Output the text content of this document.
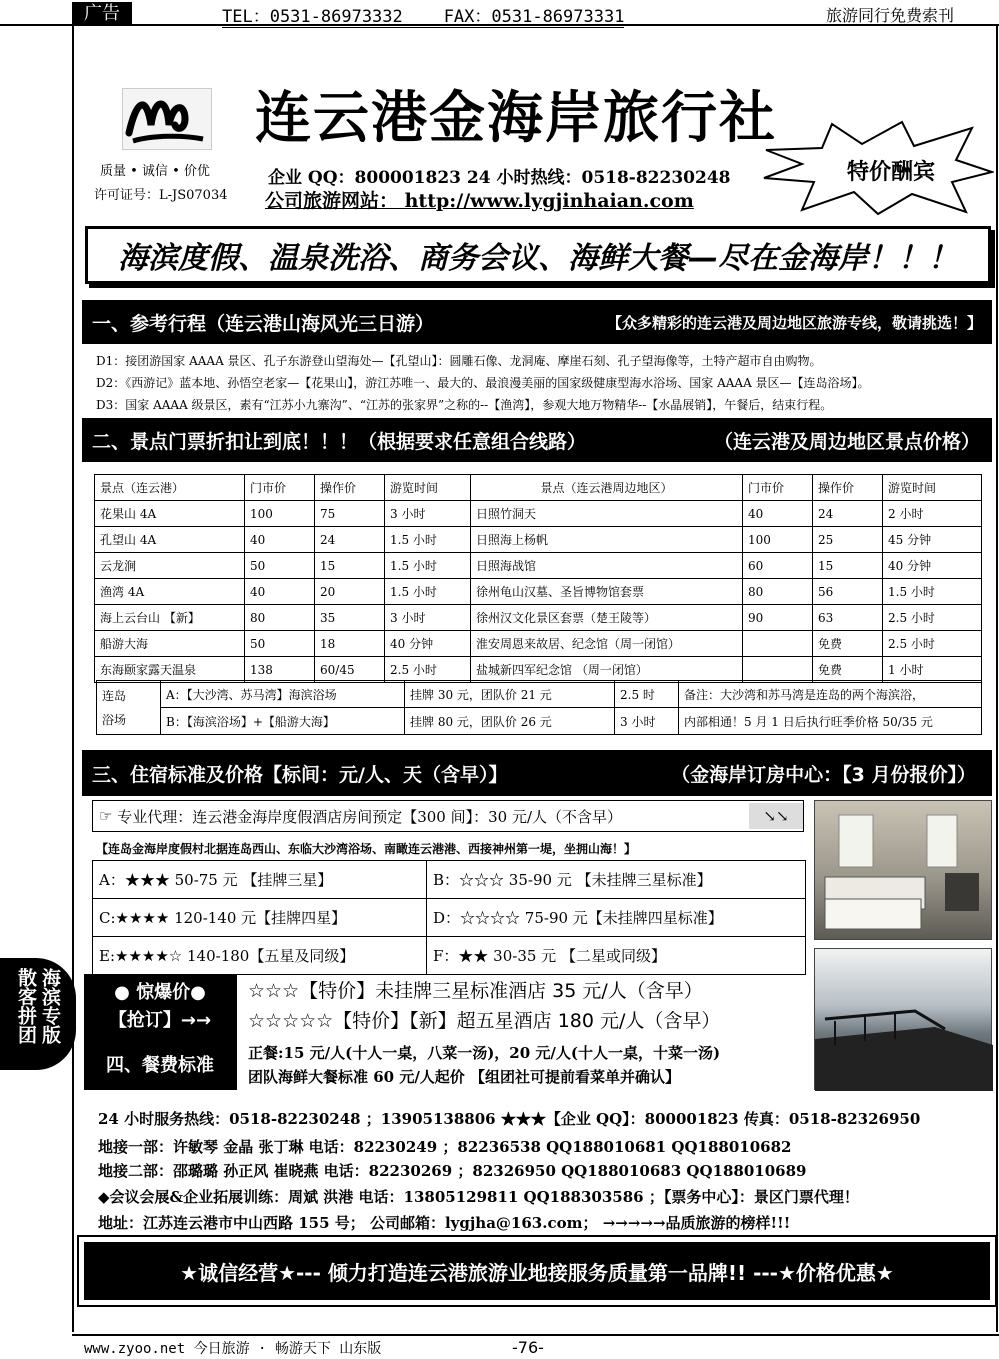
广告	TEL：0531-86973332    FAX：0531-86973331	旅游同行免费索刊
连云港金海岸旅行社
质量 • 诚信 • 价优
许可证号：L-JS07034
企业 QQ：800001823 24 小时热线：0518-82230248
公司旅游网站： http://www.lygjinhaian.com
特价酬宾
海滨度假、温泉洗浴、商务会议、海鲜大餐—尽在金海岸！！！
一、参考行程（连云港山海风光三日游）	【众多精彩的连云港及周边地区旅游专线，敬请挑选！】
D1：接团游国家 AAAA 景区、孔子东游登山望海处—【孔望山】：圆雕石像、龙洞庵、摩崖石刻、孔子望海像等，土特产超市自由购物。
D2：《西游记》蓝本地、孙悟空老家—【花果山】，游江苏唯一、最大的、最浪漫美丽的国家级健康型海水浴场、国家 AAAA 景区—【连岛浴场】。
D3：国家 AAAA 级景区，素有“江苏小九寨沟”、“江苏的张家界”之称的--【渔湾】，参观大地万物精华--【水晶展销】，午餐后，结束行程。
二、景点门票折扣让到底！！！（根据要求任意组合线路）	（连云港及周边地区景点价格）
景点（连云港）	门市价	操作价	游览时间	景点（连云港周边地区）	门市价	操作价	游览时间
花果山 4A	100	75	3 小时	日照竹洞天	40	24	2 小时
孔望山 4A	40	24	1.5 小时	日照海上杨帆	100	25	45 分钟
云龙涧	50	15	1.5 小时	日照海战馆	60	15	40 分钟
渔湾 4A	40	20	1.5 小时	徐州龟山汉墓、圣旨博物馆套票	80	56	1.5 小时
海上云台山 【新】	80	35	3 小时	徐州汉文化景区套票（楚王陵等）	90	63	2.5 小时
船游大海	50	18	40 分钟	淮安周恩来故居、纪念馆（周一闭馆）		免费	2.5 小时
东海颐家露天温泉	138	60/45	2.5 小时	盐城新四军纪念馆 （周一闭馆）		免费	1 小时
连岛
浴场	A：【大沙湾、苏马湾】海滨浴场	挂牌 30 元，团队价 21 元	2.5 时	备注：大沙湾和苏马湾是连岛的两个海滨浴，
	B：【海滨浴场】+【船游大海】	挂牌 80 元，团队价 26 元	3 小时	内部相通！5 月 1 日后执行旺季价格 50/35 元
三、住宿标准及价格【标间：元/人、天（含早）】	（金海岸订房中心：【3 月份报价】）
☞ 专业代理：连云港金海岸度假酒店房间预定【300 间】：30 元/人（不含早）	↘↘
【连岛金海岸度假村北据连岛西山、东临大沙湾浴场、南瞰连云港港、西接神州第一堤，坐拥山海！】
A：★★★ 50-75 元 【挂牌三星】	B：☆☆☆ 35-90 元 【未挂牌三星标准】
C:★★★★ 120-140 元【挂牌四星】	D：☆☆☆☆ 75-90 元【未挂牌四星标准】
E:★★★★☆ 140-180【五星及同级】	F：★★ 30-35 元 【二星或同级】
● 惊爆价●
【抢订】→→
☆☆☆【特价】未挂牌三星标准酒店 35 元/人（含早）
☆☆☆☆☆【特价】【新】超五星酒店 180 元/人（含早）
四、餐费标准
正餐:15 元/人(十人一桌，八菜一汤)，20 元/人(十人一桌，十菜一汤)
团队海鲜大餐标准 60 元/人起价 【组团社可提前看菜单并确认】
24 小时服务热线：0518-82230248 ；13905138806 ★★★【企业 QQ】：800001823 传真：0518-82326950
地接一部：许敏琴 金晶 张丁琳 电话：82230249 ；82236538 QQ188010681 QQ188010682
地接二部：邵璐璐 孙正风 崔晓燕 电话：82230269 ；82326950 QQ188010683 QQ188010689
◆会议会展&企业拓展训练：周斌 洪港 电话：13805129811 QQ188303586 ；【票务中心】：景区门票代理！
地址：江苏连云港市中山西路 155 号； 公司邮箱：lygjha@163.com； →→→→→品质旅游的榜样!!!
★诚信经营★--- 倾力打造连云港旅游业地接服务质量第一品牌!! ---★价格优惠★
www.zyoo.net 今日旅游 · 畅游天下 山东版	-76-
海滨专版
散客拼团
